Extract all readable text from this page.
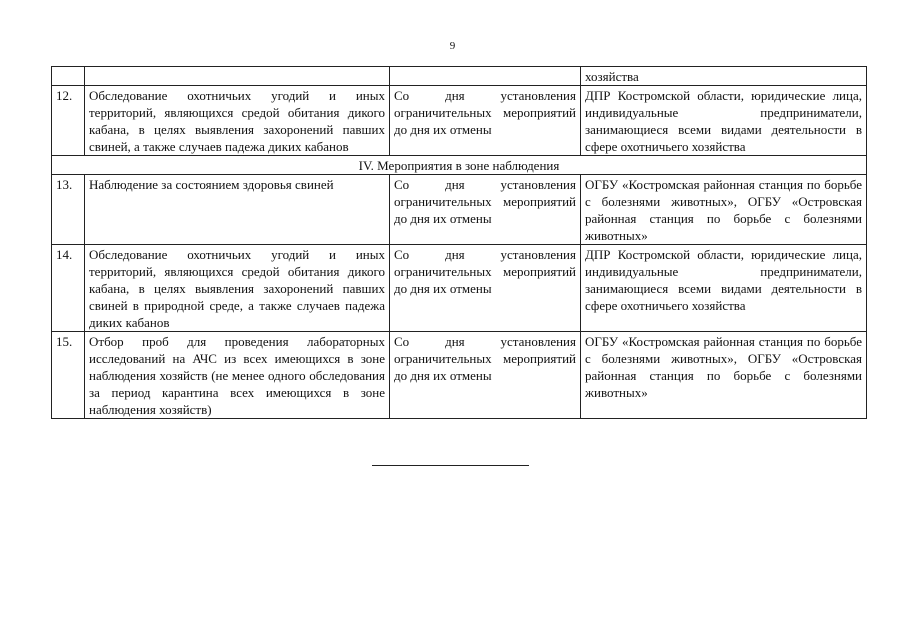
9
			хозяйства
12.	Обследование охотничьих угодий и иных территорий, являющихся средой обитания дикого кабана, в целях выявления захоронений павших свиней, а также случаев падежа диких кабанов	Со дня установления ограничительных мероприятий до дня их отмены	ДПР Костромской области, юридические лица, индивидуальные предприниматели, занимающиеся всеми видами деятельности в сфере охотничьего хозяйства
IV. Мероприятия в зоне наблюдения			
13.	Наблюдение за состоянием здоровья свиней	Со дня установления ограничительных мероприятий до дня их отмены	ОГБУ «Костромская районная станция по борьбе с болезнями животных», ОГБУ «Островская районная станция по борьбе с болезнями животных»
14.	Обследование охотничьих угодий и иных территорий, являющихся средой обитания дикого кабана, в целях выявления захоронений павших свиней в природной среде, а также случаев падежа диких кабанов	Со дня установления ограничительных мероприятий до дня их отмены	ДПР Костромской области, юридические лица, индивидуальные предприниматели, занимающиеся всеми видами деятельности в сфере охотничьего хозяйства
15.	Отбор проб для проведения лабораторных исследований на АЧС из всех имеющихся в зоне наблюдения хозяйств (не менее одного обследования за период карантина всех имеющихся в зоне наблюдения хозяйств)	Со дня установления ограничительных мероприятий до дня их отмены	ОГБУ «Костромская районная станция по борьбе с болезнями животных», ОГБУ «Островская районная станция по борьбе с болезнями животных»
